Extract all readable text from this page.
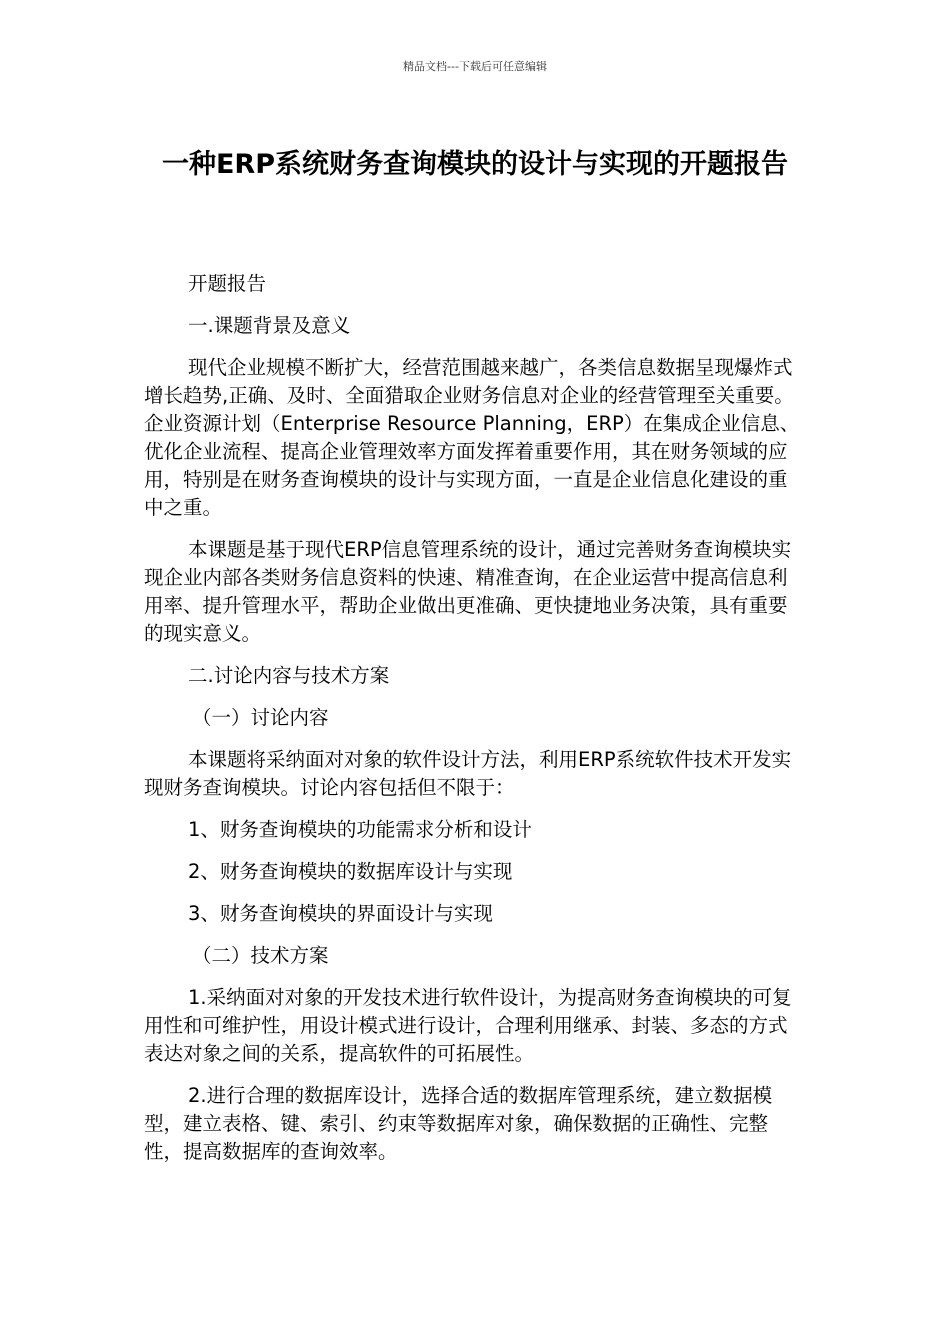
精品文档---下载后可任意编辑
一种ERP系统财务查询模块的设计与实现的开题报告

开题报告

一.课题背景及意义

现代企业规模不断扩大，经营范围越来越广，各类信息数据呈现爆炸式增长趋势,正确、及时、全面猎取企业财务信息对企业的经营管理至关重要。企业资源计划（Enterprise Resource Planning，ERP）在集成企业信息、优化企业流程、提高企业管理效率方面发挥着重要作用，其在财务领域的应用，特别是在财务查询模块的设计与实现方面，一直是企业信息化建设的重中之重。

本课题是基于现代ERP信息管理系统的设计，通过完善财务查询模块实现企业内部各类财务信息资料的快速、精准查询，在企业运营中提高信息利用率、提升管理水平，帮助企业做出更准确、更快捷地业务决策，具有重要的现实意义。

二.讨论内容与技术方案

（一）讨论内容

本课题将采纳面对对象的软件设计方法，利用ERP系统软件技术开发实现财务查询模块。讨论内容包括但不限于：

1、财务查询模块的功能需求分析和设计

2、财务查询模块的数据库设计与实现

3、财务查询模块的界面设计与实现

（二）技术方案

1.采纳面对对象的开发技术进行软件设计，为提高财务查询模块的可复用性和可维护性，用设计模式进行设计，合理利用继承、封装、多态的方式表达对象之间的关系，提高软件的可拓展性。

2.进行合理的数据库设计，选择合适的数据库管理系统，建立数据模型，建立表格、键、索引、约束等数据库对象，确保数据的正确性、完整性，提高数据库的查询效率。
